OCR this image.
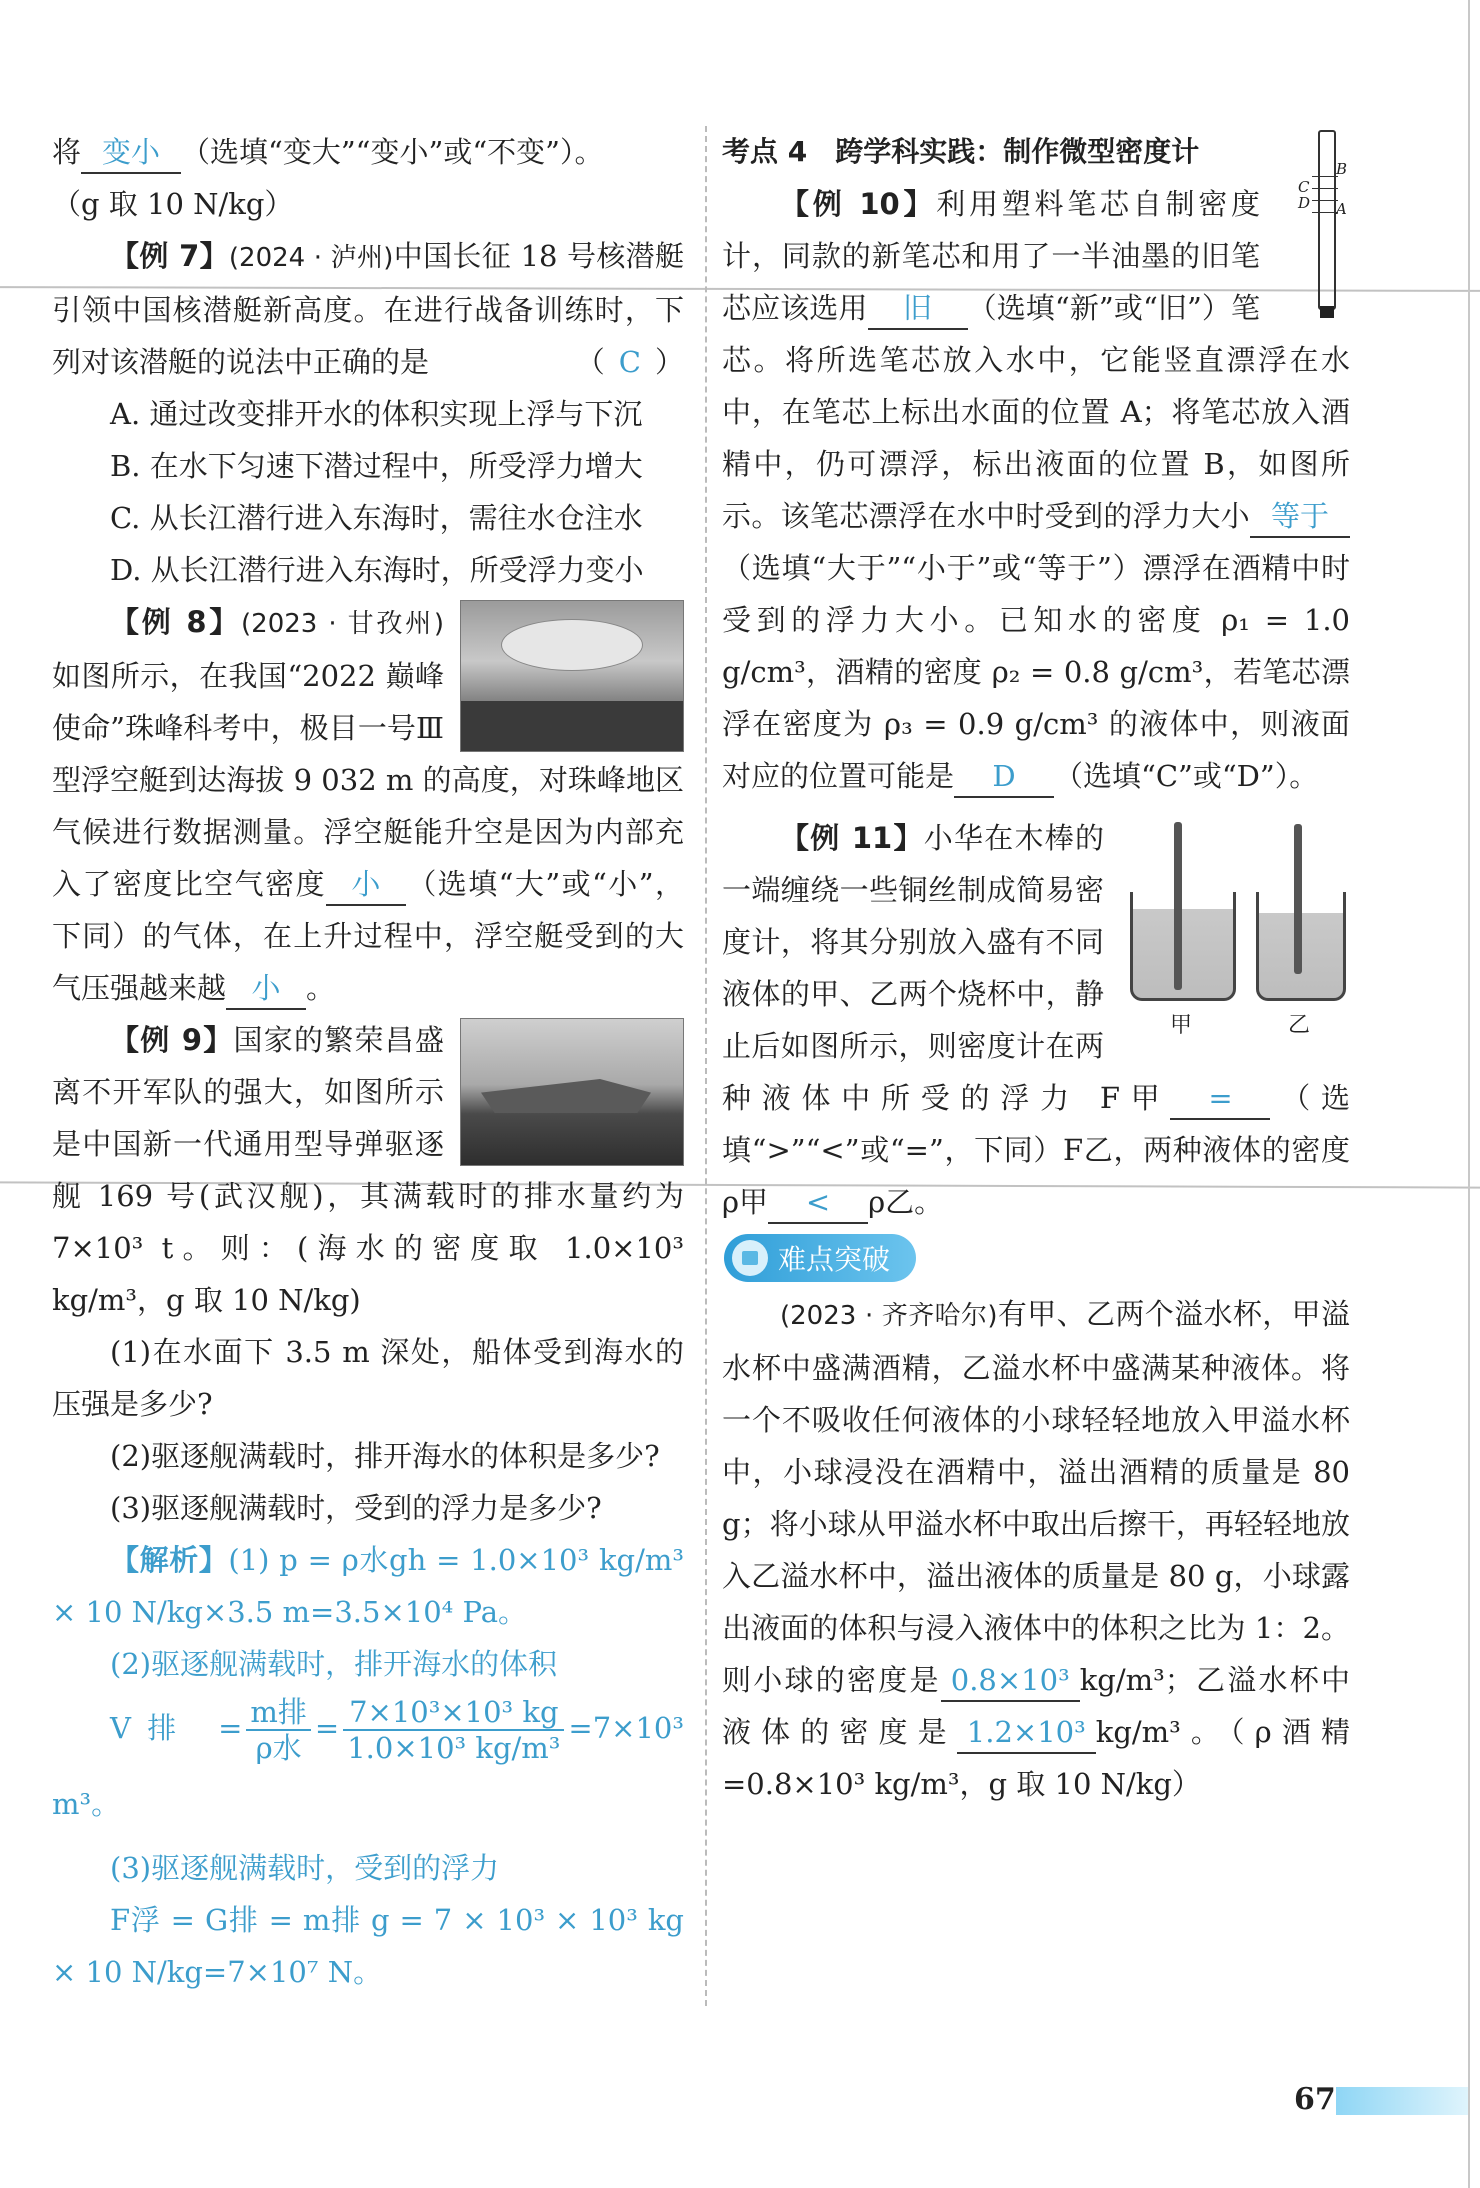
将 变小 （选填“变大”“变小”或“不变”）。

（g 取 10 N/kg）

【例 7】(2024 · 泸州)中国长征 18 号核潜艇引领中国核潜艇新高度。在进行战备训练时，下列对该潜艇的说法中正确的是	（ C ）

A. 通过改变排开水的体积实现上浮与下沉

B. 在水下匀速下潜过程中，所受浮力增大

C. 从长江潜行进入东海时，需往水仓注水

D. 从长江潜行进入东海时，所受浮力变小

【例 8】(2023 · 甘孜州)如图所示，在我国“2022 巅峰使命”珠峰科考中，极目一号Ⅲ型浮空艇到达海拔 9 032 m 的高度，对珠峰地区气候进行数据测量。浮空艇能升空是因为内部充入了密度比空气密度 小 （选填“大”或“小”，下同）的气体，在上升过程中，浮空艇受到的大气压强越来越 小 。

【例 9】国家的繁荣昌盛离不开军队的强大，如图所示是中国新一代通用型导弹驱逐舰 169 号(武汉舰)，其满载时的排水量约为 7×10³ t。则：(海水的密度取 1.0×10³ kg/m³，g 取 10 N/kg)

(1)在水面下 3.5 m 深处，船体受到海水的压强是多少?

(2)驱逐舰满载时，排开海水的体积是多少?

(3)驱逐舰满载时，受到的浮力是多少?

【解析】(1) p = ρ水gh = 1.0×10³ kg/m³ × 10 N/kg×3.5 m=3.5×10⁴ Pa。

(2)驱逐舰满载时，排开海水的体积

V排 = $\frac{\text{m排}}{\text{ρ水}} = \frac{\text{7×10³×10³ kg}}{\text{1.0×10³ kg/m³}} =7\times 10^3$ m³。

(3)驱逐舰满载时，受到的浮力

F浮 = G排 = m排 g = 7 × 10³ × 10³ kg × 10 N/kg=7×10⁷ N。

B
C
D A

考点 4　跨学科实践：制作微型密度计

【例 10】利用塑料笔芯自制密度计，同款的新笔芯和用了一半油墨的旧笔芯应该选用 旧 （选填“新”或“旧”）笔芯。将所选笔芯放入水中，它能竖直漂浮在水中，在笔芯上标出水面的位置 A；将笔芯放入酒精中，仍可漂浮，标出液面的位置 B，如图所示。该笔芯漂浮在水中时受到的浮力大小 等于（选填“大于”“小于”或“等于”）漂浮在酒精中时受到的浮力大小。已知水的密度 ρ₁ = 1.0 g/cm³，酒精的密度 ρ₂ = 0.8 g/cm³，若笔芯漂浮在密度为 ρ₃ = 0.9 g/cm³ 的液体中，则液面对应的位置可能是 D （选填“C”或“D”）。

甲	乙

【例 11】小华在木棒的一端缠绕一些铜丝制成简易密度计，将其分别放入盛有不同液体的甲、乙两个烧杯中，静止后如图所示，则密度计在两种液体中所受的浮力 F甲 = （选填“>”“<”或“=”，下同）F乙，两种液体的密度 ρ甲 < ρ乙。

难点突破

(2023 · 齐齐哈尔)有甲、乙两个溢水杯，甲溢水杯中盛满酒精，乙溢水杯中盛满某种液体。将一个不吸收任何液体的小球轻轻地放入甲溢水杯中，小球浸没在酒精中，溢出酒精的质量是 80 g；将小球从甲溢水杯中取出后擦干，再轻轻地放入乙溢水杯中，溢出液体的质量是 80 g，小球露出液面的体积与浸入液体中的体积之比为 1：2。则小球的密度是 0.8×10³ kg/m³；乙溢水杯中液体的密度是 1.2×10³ kg/m³。（ρ酒精=0.8×10³ kg/m³，g 取 10 N/kg）

67
